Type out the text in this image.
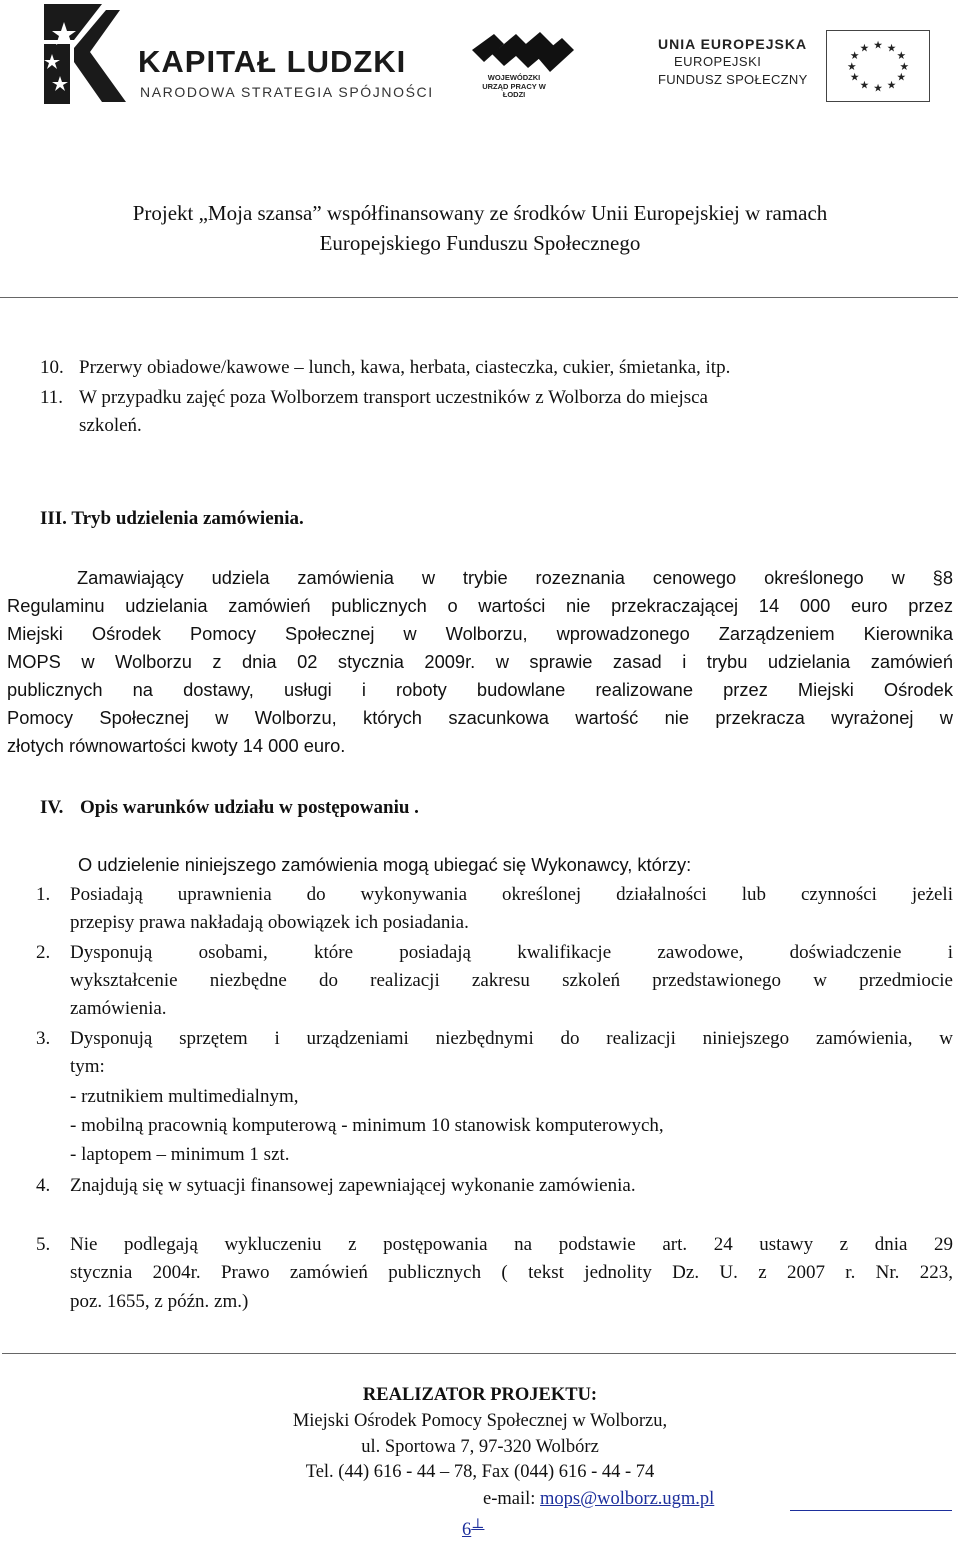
KAPITAŁ LUDZKI
NARODOWA STRATEGIA SPÓJNOŚCI
WOJEWÓDZKI URZĄD PRACY W ŁODZI
UNIA EUROPEJSKA
EUROPEJSKI
FUNDUSZ SPOŁECZNY
★ ★
★
★
★
★
★
★
★
★
★
★
Projekt „Moja szansa” współfinansowany ze środków Unii Europejskiej w ramach
Europejskiego Funduszu Społecznego
10. Przerwy obiadowe/kawowe – lunch, kawa, herbata, ciasteczka, cukier, śmietanka, itp.
11. W przypadku zajęć poza Wolborzem transport uczestników z Wolborza do miejsca
szkoleń.
III. Tryb udzielenia zamówienia.
Zamawiający udziela zamówienia w trybie rozeznania cenowego określonego w §8
Regulaminu udzielania zamówień publicznych o wartości nie przekraczającej 14 000 euro przez
Miejski Ośrodek Pomocy Społecznej w Wolborzu, wprowadzonego Zarządzeniem Kierownika
MOPS w Wolborzu z dnia 02 stycznia 2009r. w sprawie zasad i trybu udzielania zamówień
publicznych na dostawy, usługi i roboty budowlane realizowane przez Miejski Ośrodek
Pomocy Społecznej w Wolborzu, których szacunkowa wartość nie przekracza wyrażonej w
złotych równowartości kwoty 14 000 euro.
IV. Opis warunków udziału w postępowaniu .
O udzielenie niniejszego zamówienia mogą ubiegać się Wykonawcy, którzy:
1. Posiadają uprawnienia do wykonywania określonej działalności lub czynności jeżeli
przepisy prawa nakładają obowiązek ich posiadania.
2. Dysponują osobami, które posiadają kwalifikacje zawodowe, doświadczenie i
wykształcenie niezbędne do realizacji zakresu szkoleń przedstawionego w przedmiocie
zamówienia.
3. Dysponują sprzętem i urządzeniami niezbędnymi do realizacji niniejszego zamówienia, w
tym:
- rzutnikiem multimedialnym,
- mobilną pracownią komputerową - minimum 10 stanowisk komputerowych,
- laptopem – minimum 1 szt.
4. Znajdują się w sytuacji finansowej zapewniającej wykonanie zamówienia.
5. Nie podlegają wykluczeniu z postępowania na podstawie art. 24 ustawy z dnia 29
stycznia 2004r. Prawo zamówień publicznych ( tekst jednolity Dz. U. z 2007 r. Nr. 223,
poz. 1655, z późn. zm.)
REALIZATOR PROJEKTU:
Miejski Ośrodek Pomocy Społecznej w Wolborzu,
ul. Sportowa 7, 97-320 Wolbórz
Tel. (44) 616 - 44 – 78, Fax (044) 616 - 44 - 74
e-mail: mops@wolborz.ugm.pl
6⊥
